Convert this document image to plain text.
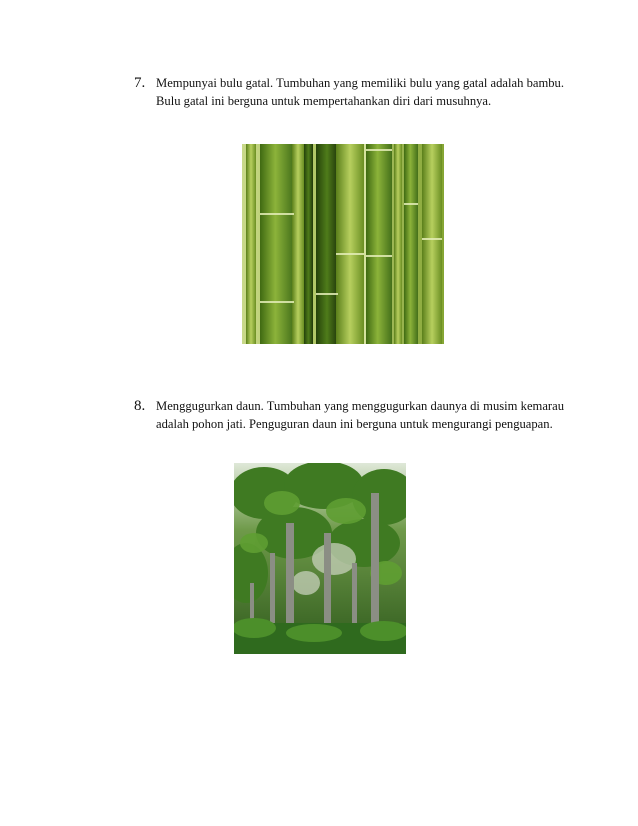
7. Mempunyai bulu gatal. Tumbuhan yang memiliki bulu yang gatal adalah bambu. Bulu gatal ini berguna untuk mempertahankan diri dari musuhnya.
8. Menggugurkan daun. Tumbuhan yang menggugurkan daunya di musim kemarau adalah pohon jati. Penguguran daun ini berguna untuk mengurangi penguapan.
